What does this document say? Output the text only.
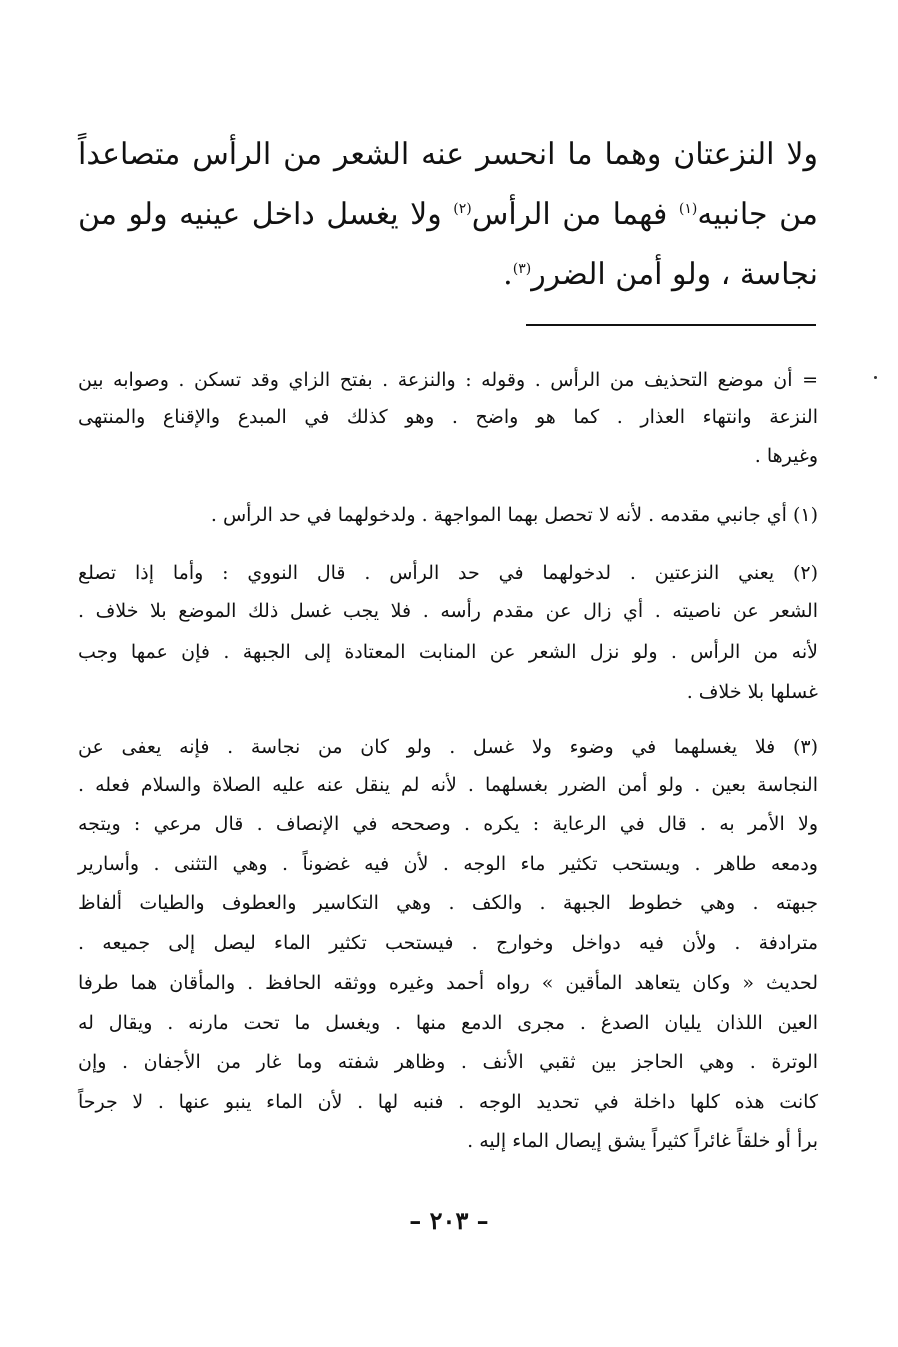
ولا النزعتان وهما ما انحسر عنه الشعر من الرأس متصاعداً
من جانبيه$^{(١)}$ فهما من الرأس$^{(٢)}$ ولا يغسل داخل عينيه ولو من
نجاسة ، ولو أمن الضرر$^{(٣)}$.
= أن موضع التحذيف من الرأس . وقوله : والنزعة . بفتح الزاي وقد تسكن . وصوابه بين
النزعة وانتهاء العذار . كما هو واضح . وهو كذلك في المبدع والإقناع والمنتهى
وغيرها .
(١) أي جانبي مقدمه . لأنه لا تحصل بهما المواجهة . ولدخولهما في حد الرأس .
(٢) يعني النزعتين . لدخولهما في حد الرأس . قال النووي : وأما إذا تصلع
الشعر عن ناصيته . أي زال عن مقدم رأسه . فلا يجب غسل ذلك الموضع بلا خلاف .
لأنه من الرأس . ولو نزل الشعر عن المنابت المعتادة إلى الجبهة . فإن عمها وجب
غسلها بلا خلاف .
(٣) فلا يغسلهما في وضوء ولا غسل . ولو كان من نجاسة . فإنه يعفى عن
النجاسة بعين . ولو أمن الضرر بغسلهما . لأنه لم ينقل عنه عليه الصلاة والسلام فعله .
ولا الأمر به . قال في الرعاية : يكره . وصححه في الإنصاف . قال مرعي : ويتجه
ودمعه طاهر . ويستحب تكثير ماء الوجه . لأن فيه غضوناً . وهي التثنى . وأسارير
جبهته . وهي خطوط الجبهة . والكف . وهي التكاسير والعطوف والطيات ألفاظ
مترادفة . ولأن فيه دواخل وخوارج . فيستحب تكثير الماء ليصل إلى جميعه .
لحديث « وكان يتعاهد المأقين » رواه أحمد وغيره ووثقه الحافظ . والمأقان هما طرفا
العين اللذان يليان الصدغ . مجرى الدمع منها . ويغسل ما تحت مارنه . ويقال له
الوترة . وهي الحاجز بين ثقبي الأنف . وظاهر شفته وما غار من الأجفان . وإن
كانت هذه كلها داخلة في تحديد الوجه . فنبه لها . لأن الماء ينبو عنها . لا جرحاً
برأ أو خلقاً غائراً كثيراً يشق إيصال الماء إليه .
– ٢٠٣ –
